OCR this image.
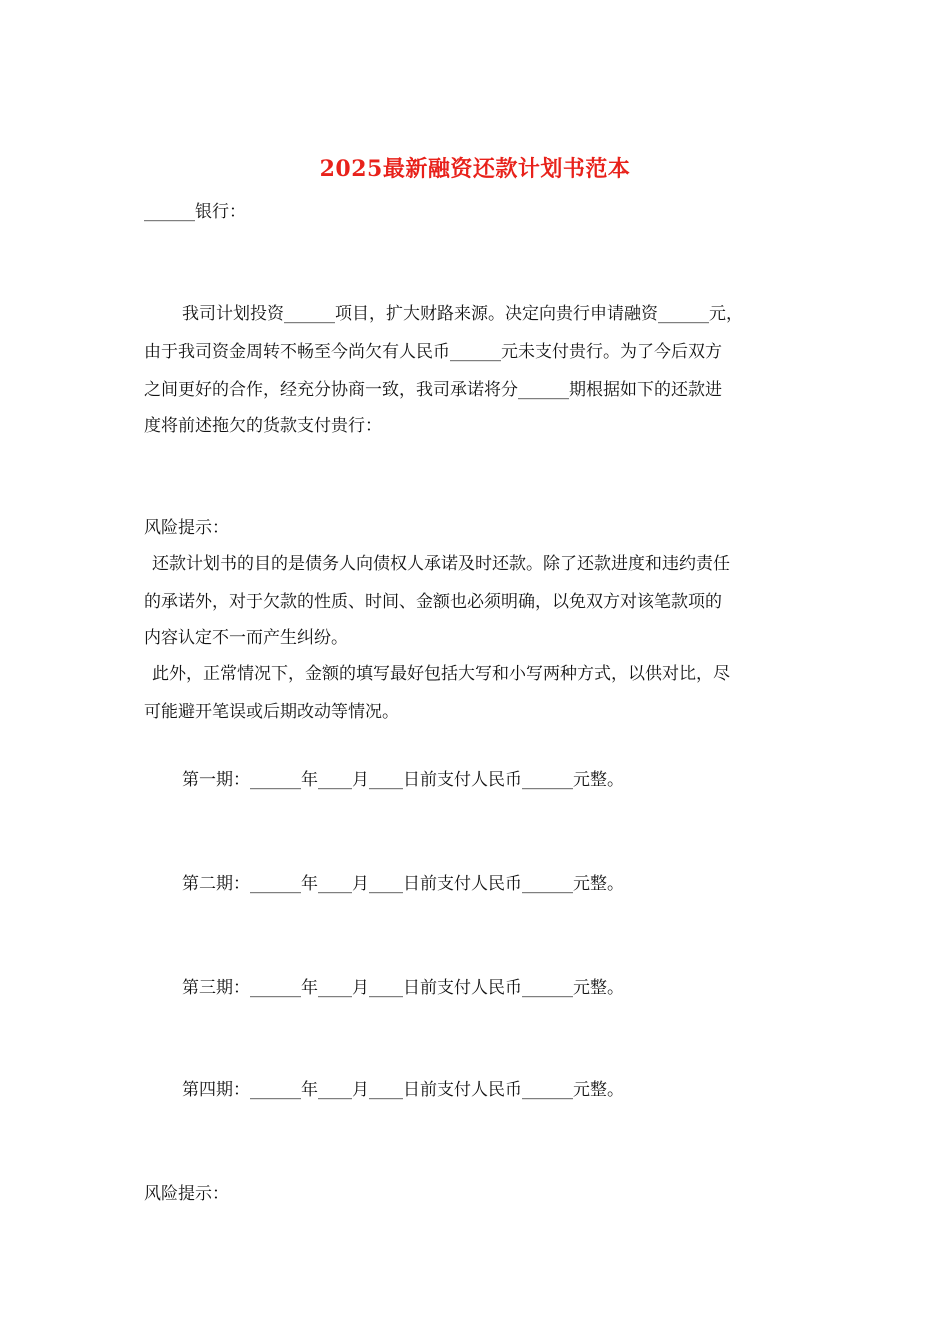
2025最新融资还款计划书范本
______银行：
我司计划投资______项目，扩大财路来源。决定向贵行申请融资______元，
由于我司资金周转不畅至今尚欠有人民币______元未支付贵行。为了今后双方
之间更好的合作，经充分协商一致，我司承诺将分______期根据如下的还款进
度将前述拖欠的货款支付贵行：
风险提示：
还款计划书的目的是债务人向债权人承诺及时还款。除了还款进度和违约责任
的承诺外，对于欠款的性质、时间、金额也必须明确，以免双方对该笔款项的
内容认定不一而产生纠纷。
此外，正常情况下，金额的填写最好包括大写和小写两种方式，以供对比，尽
可能避开笔误或后期改动等情况。
第一期：______年____月____日前支付人民币______元整。
第二期：______年____月____日前支付人民币______元整。
第三期：______年____月____日前支付人民币______元整。
第四期：______年____月____日前支付人民币______元整。
风险提示：
